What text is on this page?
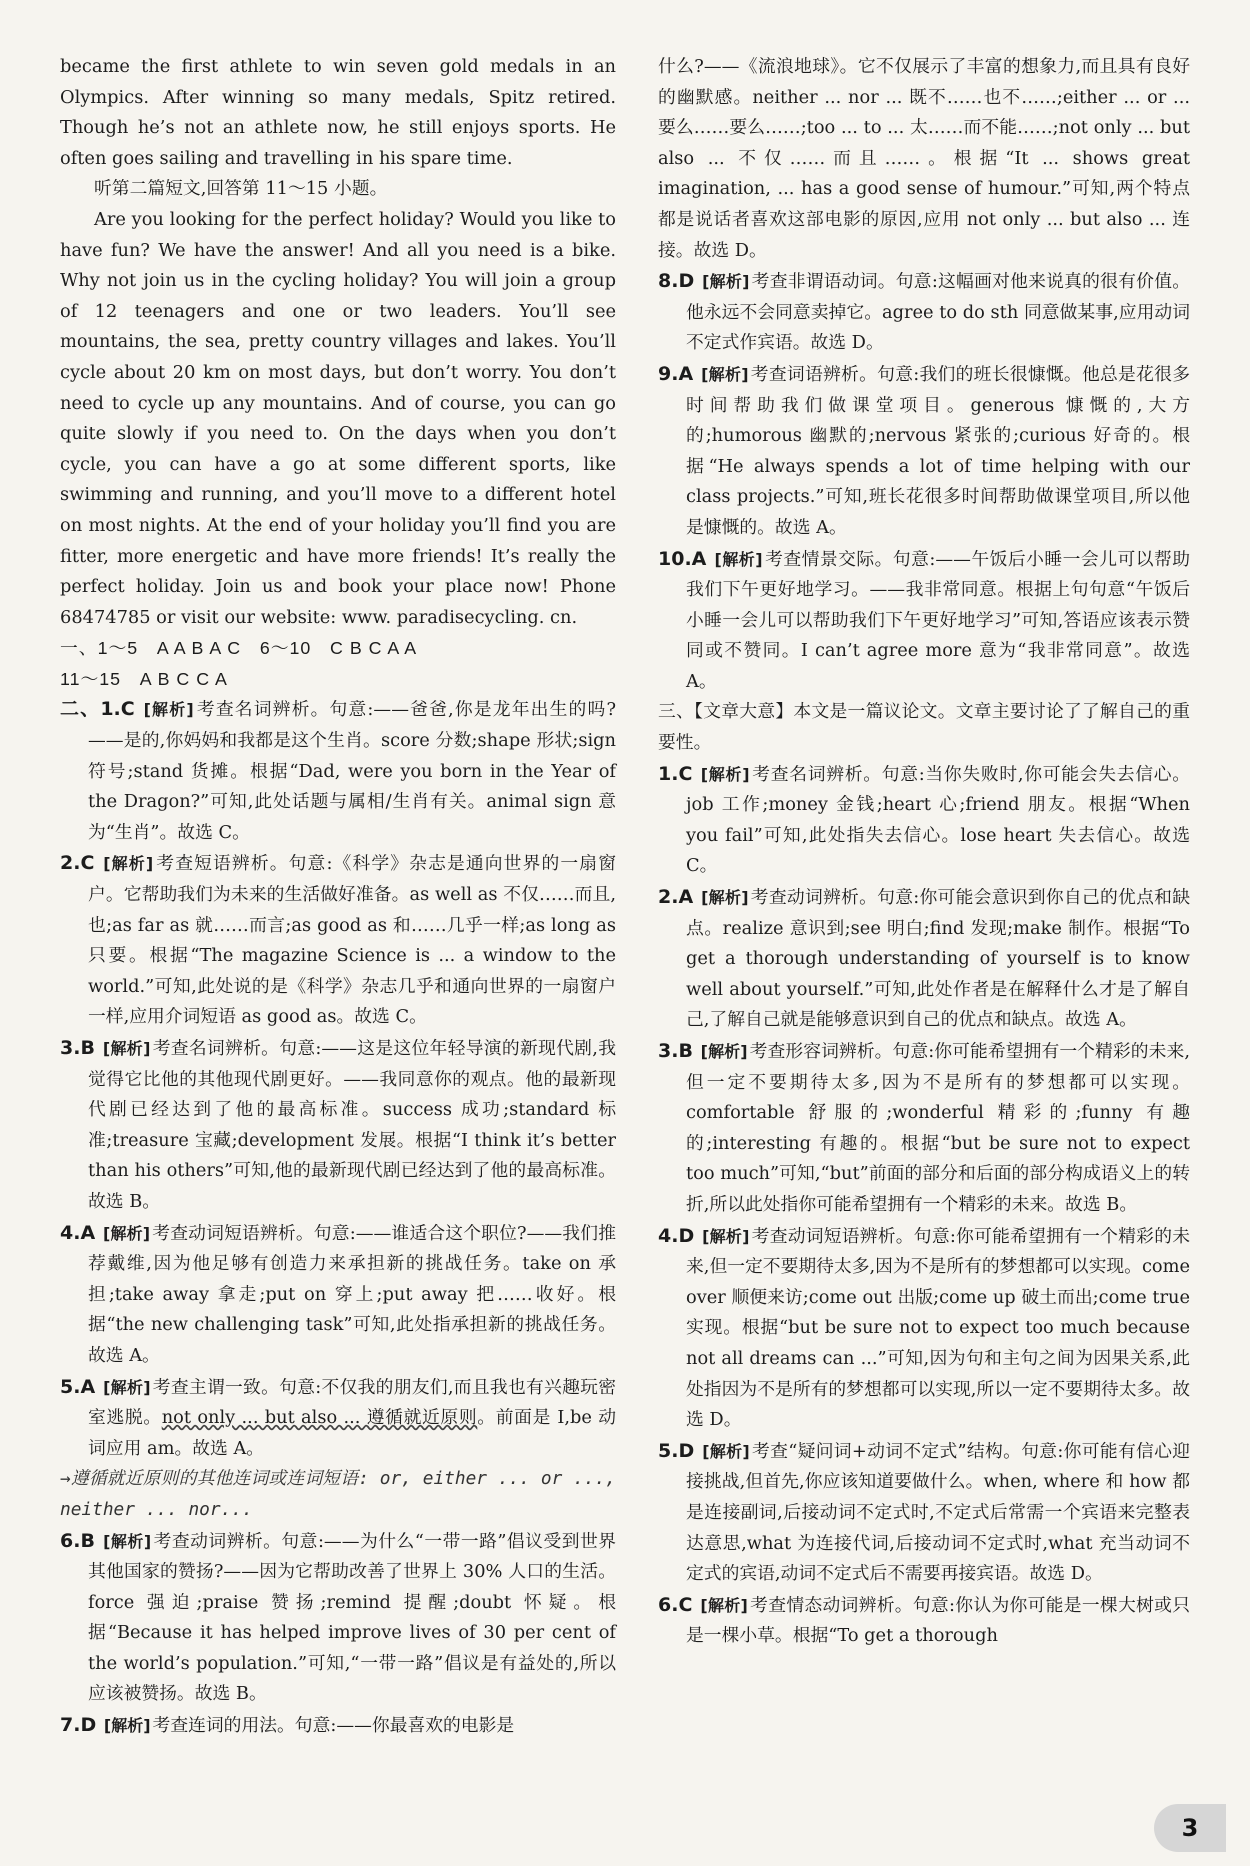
became the first athlete to win seven gold medals in an Olympics. After winning so many medals, Spitz retired. Though he’s not an athlete now, he still enjoys sports. He often goes sailing and travelling in his spare time.

听第二篇短文,回答第 11～15 小题。

Are you looking for the perfect holiday? Would you like to have fun? We have the answer! And all you need is a bike. Why not join us in the cycling holiday? You will join a group of 12 teenagers and one or two leaders. You’ll see mountains, the sea, pretty country villages and lakes. You’ll cycle about 20 km on most days, but don’t worry. You don’t need to cycle up any mountains. And of course, you can go quite slowly if you need to. On the days when you don’t cycle, you can have a go at some different sports, like swimming and running, and you’ll move to a different hotel on most nights. At the end of your holiday you’ll find you are fitter, more energetic and have more friends! It’s really the perfect holiday. Join us and book your place now! Phone 68474785 or visit our website: www. paradisecycling. cn.

一、1～5　A A B A C　6～10　C B C A A

11～15　A B C C A

二、1.C [解析] 考查名词辨析。句意:——爸爸,你是龙年出生的吗?——是的,你妈妈和我都是这个生肖。score 分数;shape 形状;sign 符号;stand 货摊。根据“Dad, were you born in the Year of the Dragon?”可知,此处话题与属相/生肖有关。animal sign 意为“生肖”。故选 C。

2.C [解析] 考查短语辨析。句意:《科学》杂志是通向世界的一扇窗户。它帮助我们为未来的生活做好准备。as well as 不仅……而且,也;as far as 就……而言;as good as 和……几乎一样;as long as 只要。根据“The magazine Science is ... a window to the world.”可知,此处说的是《科学》杂志几乎和通向世界的一扇窗户一样,应用介词短语 as good as。故选 C。

3.B [解析] 考查名词辨析。句意:——这是这位年轻导演的新现代剧,我觉得它比他的其他现代剧更好。——我同意你的观点。他的最新现代剧已经达到了他的最高标准。success 成功;standard 标准;treasure 宝藏;development 发展。根据“I think it’s better than his others”可知,他的最新现代剧已经达到了他的最高标准。故选 B。

4.A [解析] 考查动词短语辨析。句意:——谁适合这个职位?——我们推荐戴维,因为他足够有创造力来承担新的挑战任务。take on 承担;take away 拿走;put on 穿上;put away 把……收好。根据“the new challenging task”可知,此处指承担新的挑战任务。故选 A。

5.A [解析] 考查主谓一致。句意:不仅我的朋友们,而且我也有兴趣玩密室逃脱。not only ... but also ... 遵循就近原则。前面是 I,be 动词应用 am。故选 A。

→遵循就近原则的其他连词或连词短语: or, either ... or ..., neither ... nor...

6.B [解析] 考查动词辨析。句意:——为什么“一带一路”倡议受到世界其他国家的赞扬?——因为它帮助改善了世界上 30% 人口的生活。force 强迫;praise 赞扬;remind 提醒;doubt 怀疑。根据“Because it has helped improve lives of 30 per cent of the world’s population.”可知,“一带一路”倡议是有益处的,所以应该被赞扬。故选 B。

7.D [解析] 考查连词的用法。句意:——你最喜欢的电影是

什么?——《流浪地球》。它不仅展示了丰富的想象力,而且具有良好的幽默感。neither ... nor ... 既不……也不……;either ... or ... 要么……要么……;too ... to ... 太……而不能……;not only ... but also ... 不仅……而且……。根据“It ... shows great imagination, ... has a good sense of humour.”可知,两个特点都是说话者喜欢这部电影的原因,应用 not only ... but also ... 连接。故选 D。

8.D [解析] 考查非谓语动词。句意:这幅画对他来说真的很有价值。他永远不会同意卖掉它。agree to do sth 同意做某事,应用动词不定式作宾语。故选 D。

9.A [解析] 考查词语辨析。句意:我们的班长很慷慨。他总是花很多时间帮助我们做课堂项目。generous 慷慨的,大方的;humorous 幽默的;nervous 紧张的;curious 好奇的。根据“He always spends a lot of time helping with our class projects.”可知,班长花很多时间帮助做课堂项目,所以他是慷慨的。故选 A。

10.A [解析] 考查情景交际。句意:——午饭后小睡一会儿可以帮助我们下午更好地学习。——我非常同意。根据上句句意“午饭后小睡一会儿可以帮助我们下午更好地学习”可知,答语应该表示赞同或不赞同。I can’t agree more 意为“我非常同意”。故选 A。

三、【文章大意】本文是一篇议论文。文章主要讨论了了解自己的重要性。

1.C [解析] 考查名词辨析。句意:当你失败时,你可能会失去信心。job 工作;money 金钱;heart 心;friend 朋友。根据“When you fail”可知,此处指失去信心。lose heart 失去信心。故选 C。

2.A [解析] 考查动词辨析。句意:你可能会意识到你自己的优点和缺点。realize 意识到;see 明白;find 发现;make 制作。根据“To get a thorough understanding of yourself is to know well about yourself.”可知,此处作者是在解释什么才是了解自己,了解自己就是能够意识到自己的优点和缺点。故选 A。

3.B [解析] 考查形容词辨析。句意:你可能希望拥有一个精彩的未来,但一定不要期待太多,因为不是所有的梦想都可以实现。comfortable 舒服的;wonderful 精彩的;funny 有趣的;interesting 有趣的。根据“but be sure not to expect too much”可知,“but”前面的部分和后面的部分构成语义上的转折,所以此处指你可能希望拥有一个精彩的未来。故选 B。

4.D [解析] 考查动词短语辨析。句意:你可能希望拥有一个精彩的未来,但一定不要期待太多,因为不是所有的梦想都可以实现。come over 顺便来访;come out 出版;come up 破土而出;come true 实现。根据“but be sure not to expect too much because not all dreams can ...”可知,因为句和主句之间为因果关系,此处指因为不是所有的梦想都可以实现,所以一定不要期待太多。故选 D。

5.D [解析] 考查“疑问词+动词不定式”结构。句意:你可能有信心迎接挑战,但首先,你应该知道要做什么。when, where 和 how 都是连接副词,后接动词不定式时,不定式后常需一个宾语来完整表达意思,what 为连接代词,后接动词不定式时,what 充当动词不定式的宾语,动词不定式后不需要再接宾语。故选 D。

6.C [解析] 考查情态动词辨析。句意:你认为你可能是一棵大树或只是一棵小草。根据“To get a thorough

3
